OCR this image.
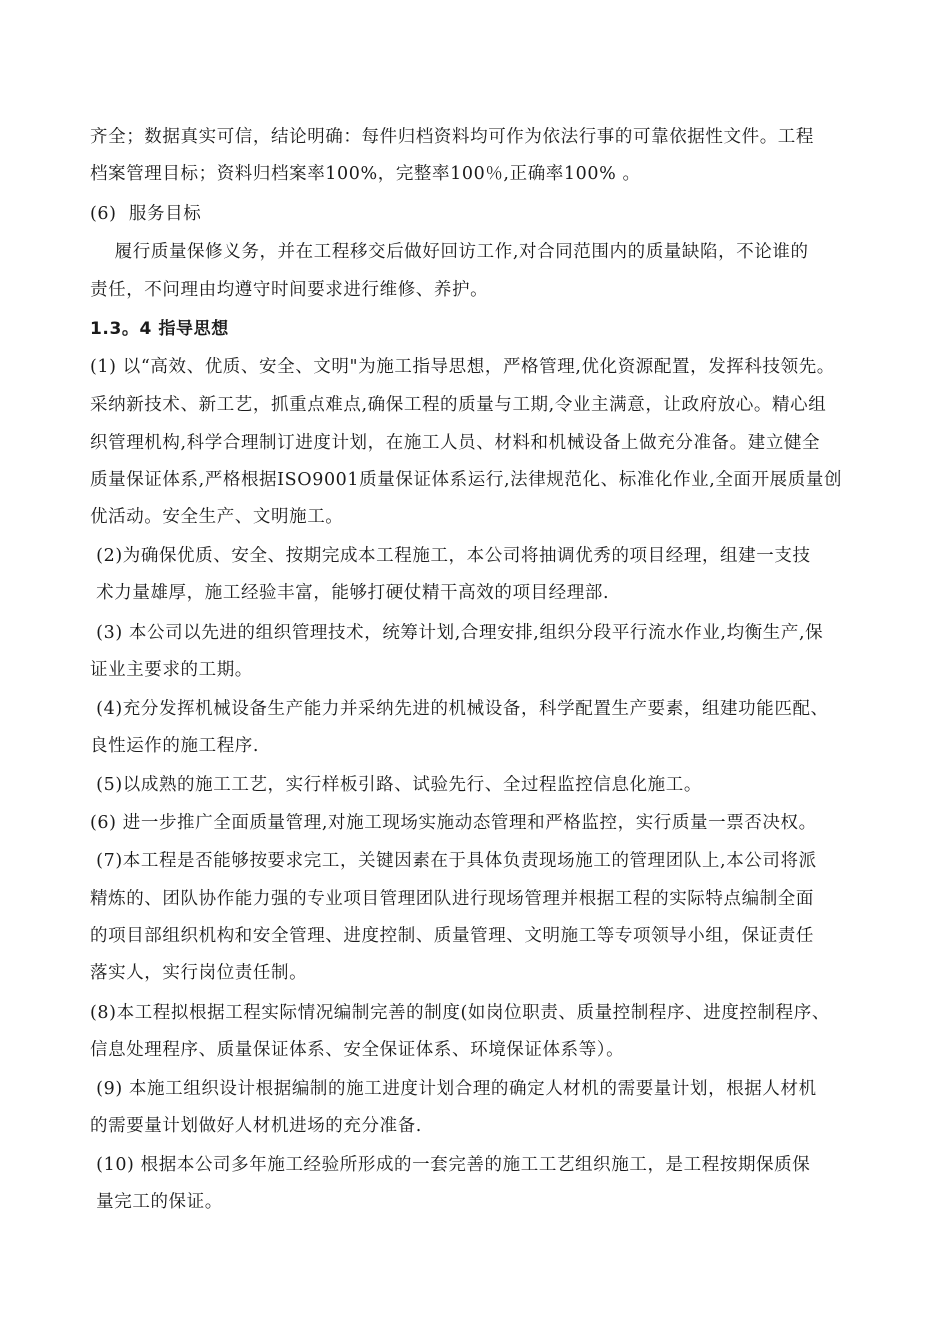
齐全；数据真实可信，结论明确：每件归档资料均可作为依法行事的可靠依据性文件。工程
档案管理目标；资料归档案率100%，完整率100％,正确率100% 。
(6)  服务目标
履行质量保修义务，并在工程移交后做好回访工作,对合同范围内的质量缺陷，不论谁的
责任，不问理由均遵守时间要求进行维修、养护。
1.3。4 指导思想
(1) 以“高效、优质、安全、文明"为施工指导思想，严格管理,优化资源配置，发挥科技领先。
采纳新技术、新工艺，抓重点难点,确保工程的质量与工期,令业主满意，让政府放心。精心组
织管理机构,科学合理制订进度计划，在施工人员、材料和机械设备上做充分准备。建立健全
质量保证体系,严格根据ISO9001质量保证体系运行,法律规范化、标准化作业,全面开展质量创
优活动。安全生产、文明施工。
(2)为确保优质、安全、按期完成本工程施工，本公司将抽调优秀的项目经理，组建一支技
术力量雄厚，施工经验丰富，能够打硬仗精干高效的项目经理部.
(3) 本公司以先进的组织管理技术，统筹计划,合理安排,组织分段平行流水作业,均衡生产,保
证业主要求的工期。
(4)充分发挥机械设备生产能力并采纳先进的机械设备，科学配置生产要素，组建功能匹配、
良性运作的施工程序.
(5)以成熟的施工工艺，实行样板引路、试验先行、全过程监控信息化施工。
(6) 进一步推广全面质量管理,对施工现场实施动态管理和严格监控，实行质量一票否决权。
(7)本工程是否能够按要求完工，关键因素在于具体负责现场施工的管理团队上,本公司将派
精炼的、团队协作能力强的专业项目管理团队进行现场管理并根据工程的实际特点编制全面
的项目部组织机构和安全管理、进度控制、质量管理、文明施工等专项领导小组，保证责任
落实人，实行岗位责任制。
(8)本工程拟根据工程实际情况编制完善的制度(如岗位职责、质量控制程序、进度控制程序、
信息处理程序、质量保证体系、安全保证体系、环境保证体系等）。
(9) 本施工组织设计根据编制的施工进度计划合理的确定人材机的需要量计划，根据人材机
的需要量计划做好人材机进场的充分准备.
(10) 根据本公司多年施工经验所形成的一套完善的施工工艺组织施工，是工程按期保质保
量完工的保证。
